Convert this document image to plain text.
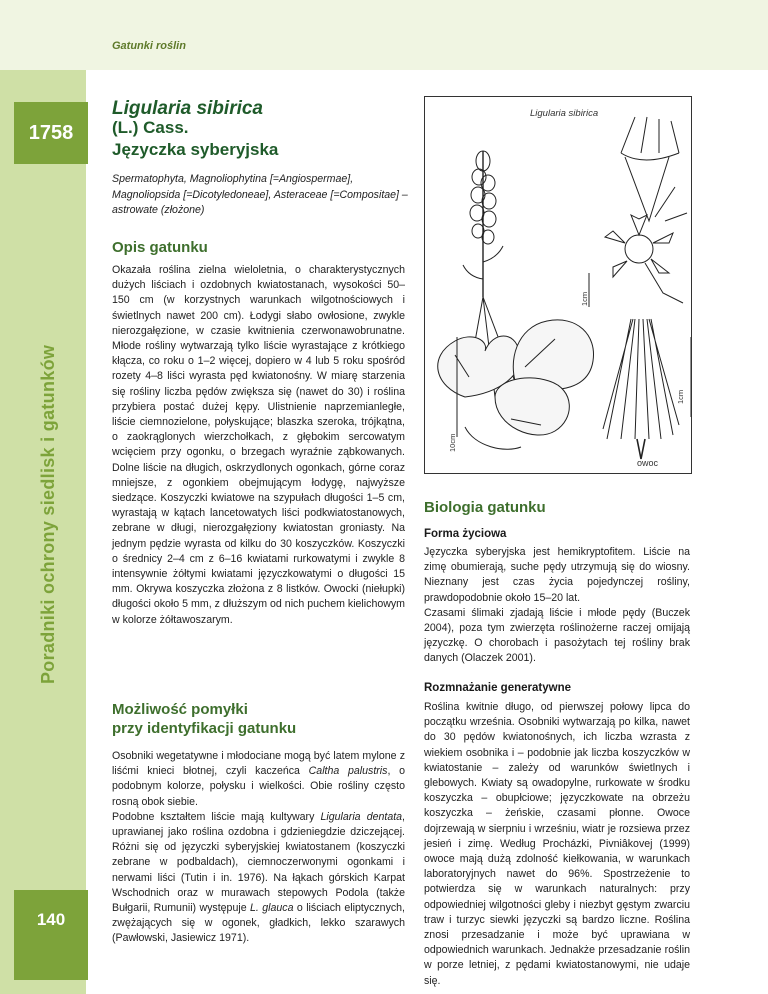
Gatunki roślin
1758
Poradniki ochrony siedlisk i gatunków
140
Ligularia sibirica
(L.) Cass.
Języczka syberyjska
Spermatophyta, Magnoliophytina [=Angiospermae], Magnoliopsida [=Dicotyledoneae], Asteraceae [=Compositae] – astrowate (złożone)
Opis gatunku

Okazała roślina zielna wieloletnia, o charakterystycznych dużych liściach i ozdobnych kwiatostanach, wysokości 50–150 cm (w korzystnych warunkach wilgotnościowych i świetlnych nawet 200 cm). Łodygi słabo owłosione, zwykle nierozgałęzione, w czasie kwitnienia czerwonawobrunatne. Młode rośliny wytwarzają tylko liście wyrastające z krótkiego kłącza, co roku o 1–2 więcej, dopiero w 4 lub 5 roku spośród rozety 4–8 liści wyrasta pęd kwiatonośny. W miarę starzenia się rośliny liczba pędów zwiększa się (nawet do 30) i roślina przybiera postać dużej kępy. Ulistnienie naprzemianległe, liście ciemnozielone, połyskujące; blaszka szeroka, trójkątna, o zaokrąglonych wierzchołkach, z głębokim sercowatym wcięciem przy ogonku, o brzegach wyraźnie ząbkowanych. Dolne liście na długich, oskrzydlonych ogonkach, górne coraz mniejsze, z ogonkiem obejmującym łodygę, najwyższe siedzące. Koszyczki kwiatowe na szypułach długości 1–5 cm, wyrastają w kątach lancetowatych liści podkwiatostanowych, zebrane w długi, nierozgałęziony kwiatostan groniasty. Na jednym pędzie wyrasta od kilku do 30 koszyczków. Koszyczki o średnicy 2–4 cm z 6–16 kwiatami rurkowatymi i zwykle 8 intensywnie żółtymi kwiatami języczkowatymi o długości 15 mm. Okrywa koszyczka złożona z 8 listków. Owocki (niełupki) długości około 5 mm, z dłuższym od nich puchem kielichowym w kolorze żółtawoszarym.

Możliwość pomyłki
przy identyfikacji gatunku

Osobniki wegetatywne i młodociane mogą być latem mylone z liśćmi knieci błotnej, czyli kaczeńca Caltha palustris, o podobnym kolorze, połysku i wielkości. Obie rośliny często rosną obok siebie.

Podobne kształtem liście mają kultywary Ligularia dentata, uprawianej jako roślina ozdobna i gdzieniegdzie dziczejącej. Różni się od języczki syberyjskiej kwiatostanem (koszyczki zebrane w podbaldach), ciemnoczerwonymi ogonkami i nerwami liści (Tutin i in. 1976). Na łąkach górskich Karpat Wschodnich oraz w murawach stepowych Podola (także Bułgarii, Rumunii) występuje L. glauca o liściach eliptycznych, zwężających się w ogonek, gładkich, lekko szarawych (Pawłowski, Jasiewicz 1971).

Ligularia sibirica
owoc
10cm
1cm
1cm
Biologia gatunku
Forma życiowa

Języczka syberyjska jest hemikryptofitem. Liście na zimę obumierają, suche pędy utrzymują się do wiosny. Nieznany jest czas życia pojedynczej rośliny, prawdopodobnie około 15–20 lat.

Czasami ślimaki zjadają liście i młode pędy (Buczek 2004), poza tym zwierzęta roślinożerne raczej omijają języczkę. O chorobach i pasożytach tej rośliny brak danych (Olaczek 2001).

Rozmnażanie generatywne

Roślina kwitnie długo, od pierwszej połowy lipca do początku września. Osobniki wytwarzają po kilka, nawet do 30 pędów kwiatonośnych, ich liczba wzrasta z wiekiem osobnika i – podobnie jak liczba koszyczków w kwiatostanie – zależy od warunków świetlnych i glebowych. Kwiaty są owadopylne, rurkowate w środku koszyczka – obupłciowe; języczkowate na obrzeżu koszyczka – żeńskie, czasami płonne. Owoce dojrzewają w sierpniu i wrześniu, wiatr je rozsiewa przez jesień i zimę. Według Procházki, Pivniâkovej (1999) owoce mają dużą zdolność kiełkowania, w warunkach laboratoryjnych nawet do 96%. Spostrzeżenie to potwierdza się w warunkach naturalnych: przy odpowiedniej wilgotności gleby i niezbyt gęstym zwarciu traw i turzyc siewki języczki są bardzo liczne. Roślina znosi przesadzanie i może być uprawiana w odpowiednich warunkach. Jednakże przesadzanie roślin w porze letniej, z pędami kwiatostanowymi, nie udaje się.
